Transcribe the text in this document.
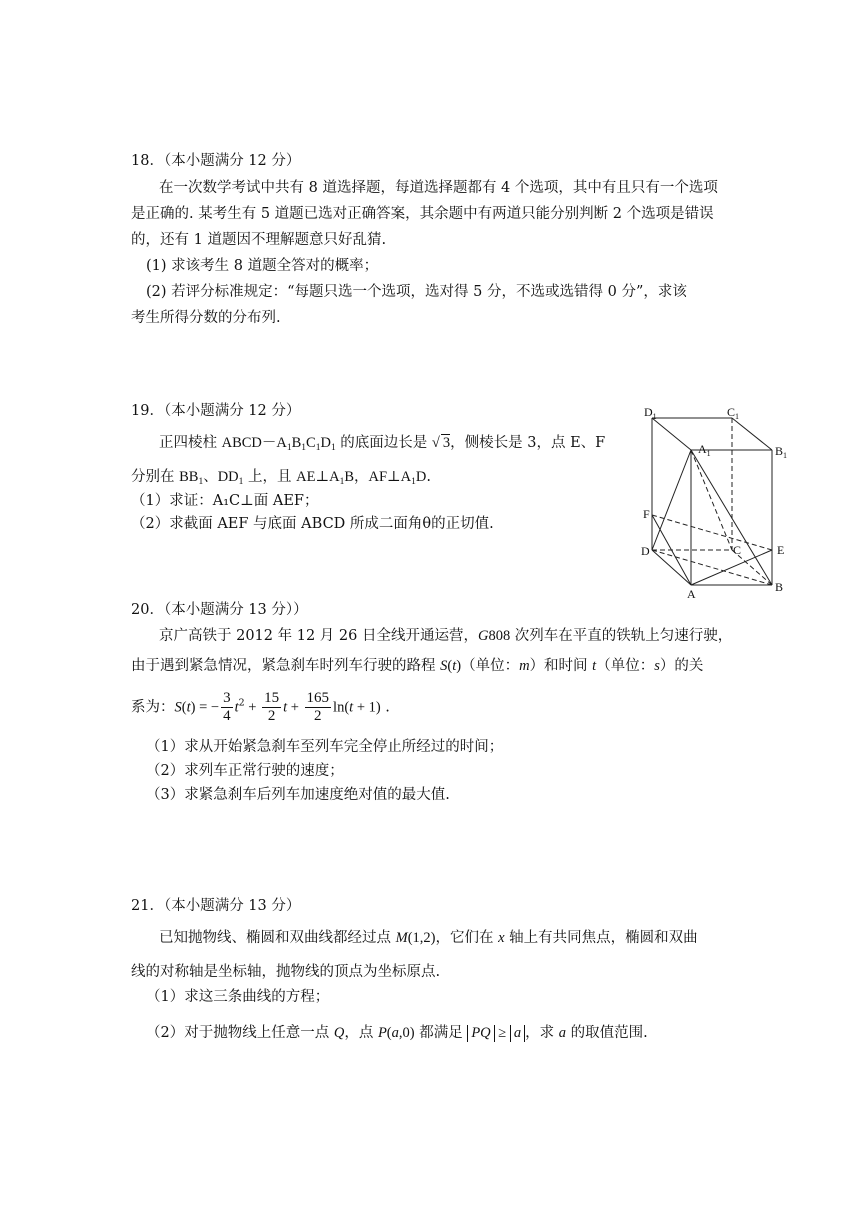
18．（本小题满分 12 分）
在一次数学考试中共有 8 道选择题，每道选择题都有 4 个选项，其中有且只有一个选项
是正确的. 某考生有 5 道题已选对正确答案，其余题中有两道只能分别判断 2 个选项是错误
的，还有 1 道题因不理解题意只好乱猜.
(1) 求该考生 8 道题全答对的概率；
(2) 若评分标准规定：“每题只选一个选项，选对得 5 分，不选或选错得 0 分”，求该
考生所得分数的分布列.
19．（本小题满分 12 分）
正四棱柱 $ABCD-A_1B_1C_1D_1$ 的底面边长是 √ 3，侧棱长是 3，点 E、F
分别在 $BB_1$、$DD_1$ 上，且 $AE\perp A_1B$，$AF\perp A_1D$.
（1）求证：A₁C⊥面 AEF；
（2）求截面 AEF 与底面 ABCD 所成二面角θ的正切值.
$D_1$	$C_1$
$A_1$	$B_1$
F
D	C	E
A	B
20．（本小题满分 13 分））
京广高铁于 2012 年 12 月 26 日全线开通运营，G808 次列车在平直的铁轨上匀速行驶，
由于遇到紧急情况，紧急刹车时列车行驶的路程 S(t)（单位：m）和时间 t（单位：s）的关
系为：S(t) = − $\frac{3}{4} t^2 + \frac{15}{2}$ $t + \frac{165}{2} \ln(t + 1)$ .
（1）求从开始紧急刹车至列车完全停止所经过的时间；
（2）求列车正常行驶的速度；
（3）求紧急刹车后列车加速度绝对值的最大值.
21．（本小题满分 13 分）
已知抛物线、椭圆和双曲线都经过点 M(1,2)，它们在 x 轴上有共同焦点，椭圆和双曲
线的对称轴是坐标轴，抛物线的顶点为坐标原点.
（1）求这三条曲线的方程；
（2）对于抛物线上任意一点 Q，点 P(a,0) 都满足 PQ ≥ a ，求 a 的取值范围.
